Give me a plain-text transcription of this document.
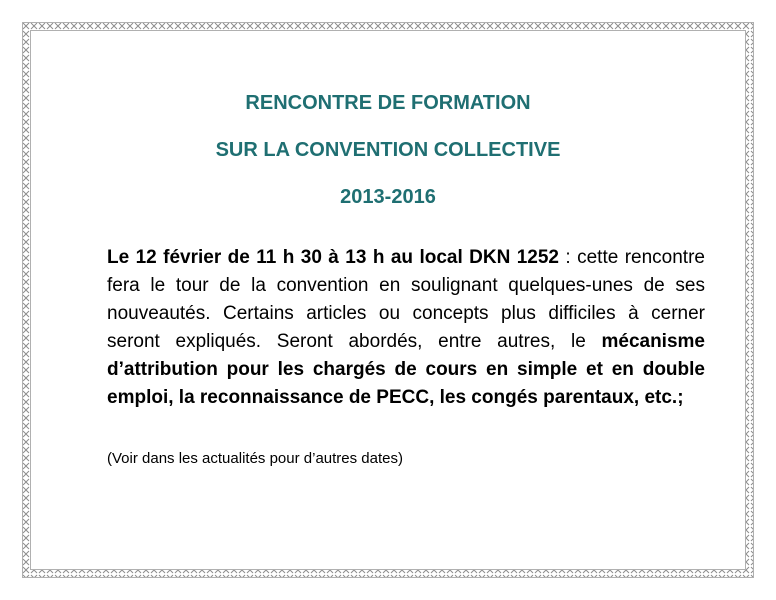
RENCONTRE DE FORMATION
SUR LA CONVENTION COLLECTIVE
2013-2016
Le 12 février de 11 h 30 à 13 h au local DKN 1252 : cette rencontre fera le tour de la convention en soulignant quelques-unes de ses nouveautés. Certains articles ou concepts plus difficiles à cerner seront expliqués. Seront abordés, entre autres, le mécanisme d’attribution pour les chargés de cours en simple et en double emploi, la reconnaissance de PECC, les congés parentaux, etc.;
(Voir dans les actualités pour d’autres dates)
